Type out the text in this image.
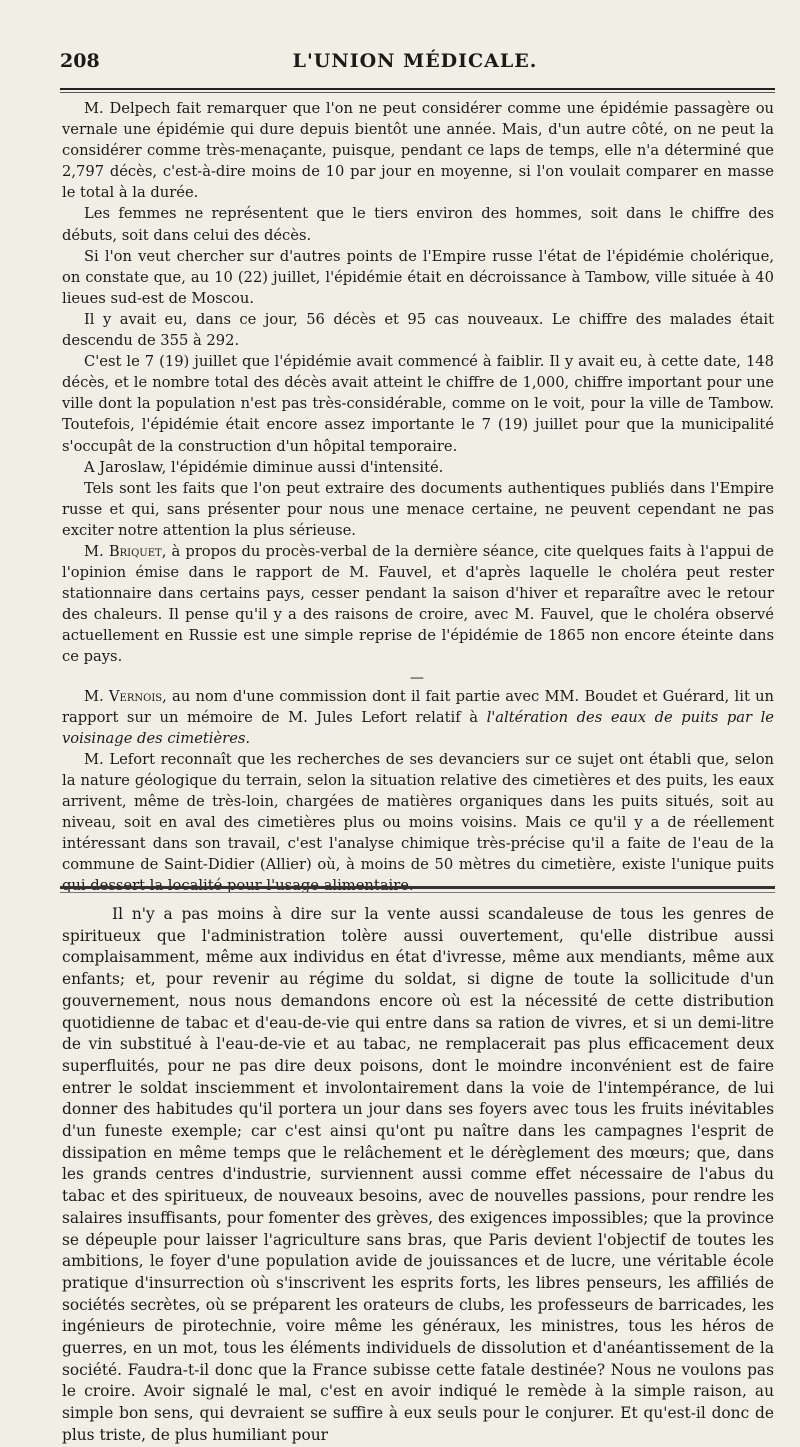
208	L'UNION MÉDICALE.

M. Delpech fait remarquer que l'on ne peut considérer comme une épidémie passagère ou vernale une épidémie qui dure depuis bientôt une année. Mais, d'un autre côté, on ne peut la considérer comme très-menaçante, puisque, pendant ce laps de temps, elle n'a déterminé que 2,797 décès, c'est-à-dire moins de 10 par jour en moyenne, si l'on voulait comparer en masse le total à la durée.

Les femmes ne représentent que le tiers environ des hommes, soit dans le chiffre des débuts, soit dans celui des décès.

Si l'on veut chercher sur d'autres points de l'Empire russe l'état de l'épidémie cholérique, on constate que, au 10 (22) juillet, l'épidémie était en décroissance à Tambow, ville située à 40 lieues sud-est de Moscou.

Il y avait eu, dans ce jour, 56 décès et 95 cas nouveaux. Le chiffre des malades était descendu de 355 à 292.

C'est le 7 (19) juillet que l'épidémie avait commencé à faiblir. Il y avait eu, à cette date, 148 décès, et le nombre total des décès avait atteint le chiffre de 1,000, chiffre important pour une ville dont la population n'est pas très-considérable, comme on le voit, pour la ville de Tambow. Toutefois, l'épidémie était encore assez importante le 7 (19) juillet pour que la municipalité s'occupât de la construction d'un hôpital temporaire.

A Jaroslaw, l'épidémie diminue aussi d'intensité.

Tels sont les faits que l'on peut extraire des documents authentiques publiés dans l'Empire russe et qui, sans présenter pour nous une menace certaine, ne peuvent cependant ne pas exciter notre attention la plus sérieuse.

M. Briquet, à propos du procès-verbal de la dernière séance, cite quelques faits à l'appui de l'opinion émise dans le rapport de M. Fauvel, et d'après laquelle le choléra peut rester stationnaire dans certains pays, cesser pendant la saison d'hiver et reparaître avec le retour des chaleurs. Il pense qu'il y a des raisons de croire, avec M. Fauvel, que le choléra observé actuellement en Russie est une simple reprise de l'épidémie de 1865 non encore éteinte dans ce pays.

—

M. Vernois, au nom d'une commission dont il fait partie avec MM. Boudet et Guérard, lit un rapport sur un mémoire de M. Jules Lefort relatif à l'altération des eaux de puits par le voisinage des cimetières.

M. Lefort reconnaît que les recherches de ses devanciers sur ce sujet ont établi que, selon la nature géologique du terrain, selon la situation relative des cimetières et des puits, les eaux arrivent, même de très-loin, chargées de matières organiques dans les puits situés, soit au niveau, soit en aval des cimetières plus ou moins voisins. Mais ce qu'il y a de réellement intéressant dans son travail, c'est l'analyse chimique très-précise qu'il a faite de l'eau de la commune de Saint-Didier (Allier) où, à moins de 50 mètres du cimetière, existe l'unique puits

Il n'y a pas moins à dire sur la vente aussi scandaleuse de tous les genres de spiritueux que l'administration tolère aussi ouvertement, qu'elle distribue aussi complaisamment, même aux individus en état d'ivresse, même aux mendiants, même aux enfants; et, pour revenir au régime du soldat, si digne de toute la sollicitude d'un gouvernement, nous nous demandons encore où est la nécessité de cette distribution quotidienne de tabac et d'eau-de-vie qui entre dans sa ration de vivres, et si un demi-litre de vin substitué à l'eau-de-vie et au tabac, ne remplacerait pas plus efficacement deux superfluités, pour ne pas dire deux poisons, dont le moindre inconvénient est de faire entrer le soldat insciemment et involontairement dans la voie de l'intempérance, de lui donner des habitudes qu'il portera un jour dans ses foyers avec tous les fruits inévitables d'un funeste exemple; car c'est ainsi qu'ont pu naître dans les campagnes l'esprit de dissipation en même temps que le relâchement et le dérèglement des mœurs; que, dans les grands centres d'industrie, surviennent aussi comme effet nécessaire de l'abus du tabac et des spiritueux, de nouveaux besoins, avec de nouvelles passions, pour rendre les salaires insuffisants, pour fomenter des grèves, des exigences impossibles; que la province se dépeuple pour laisser l'agriculture sans bras, que Paris devient l'objectif de toutes les ambitions, le foyer d'une population avide de jouissances et de lucre, une véritable école pratique d'insurrection où s'inscrivent les esprits forts, les libres penseurs, les affiliés de sociétés secrètes, où se préparent les orateurs de clubs, les professeurs de barricades, les ingénieurs de pirotechnie, voire même les généraux, les ministres, tous les héros de guerres, en un mot, tous les éléments individuels de dissolution et d'anéantissement de la société. Faudra-t-il donc que la France subisse cette fatale destinée? Nous ne voulons pas le croire. Avoir signalé le mal, c'est en avoir indiqué le remède à la simple raison, au simple bon sens, qui devraient se suffire à eux seuls pour le conjurer. Et qu'est-il donc de plus triste, de plus humiliant pour
